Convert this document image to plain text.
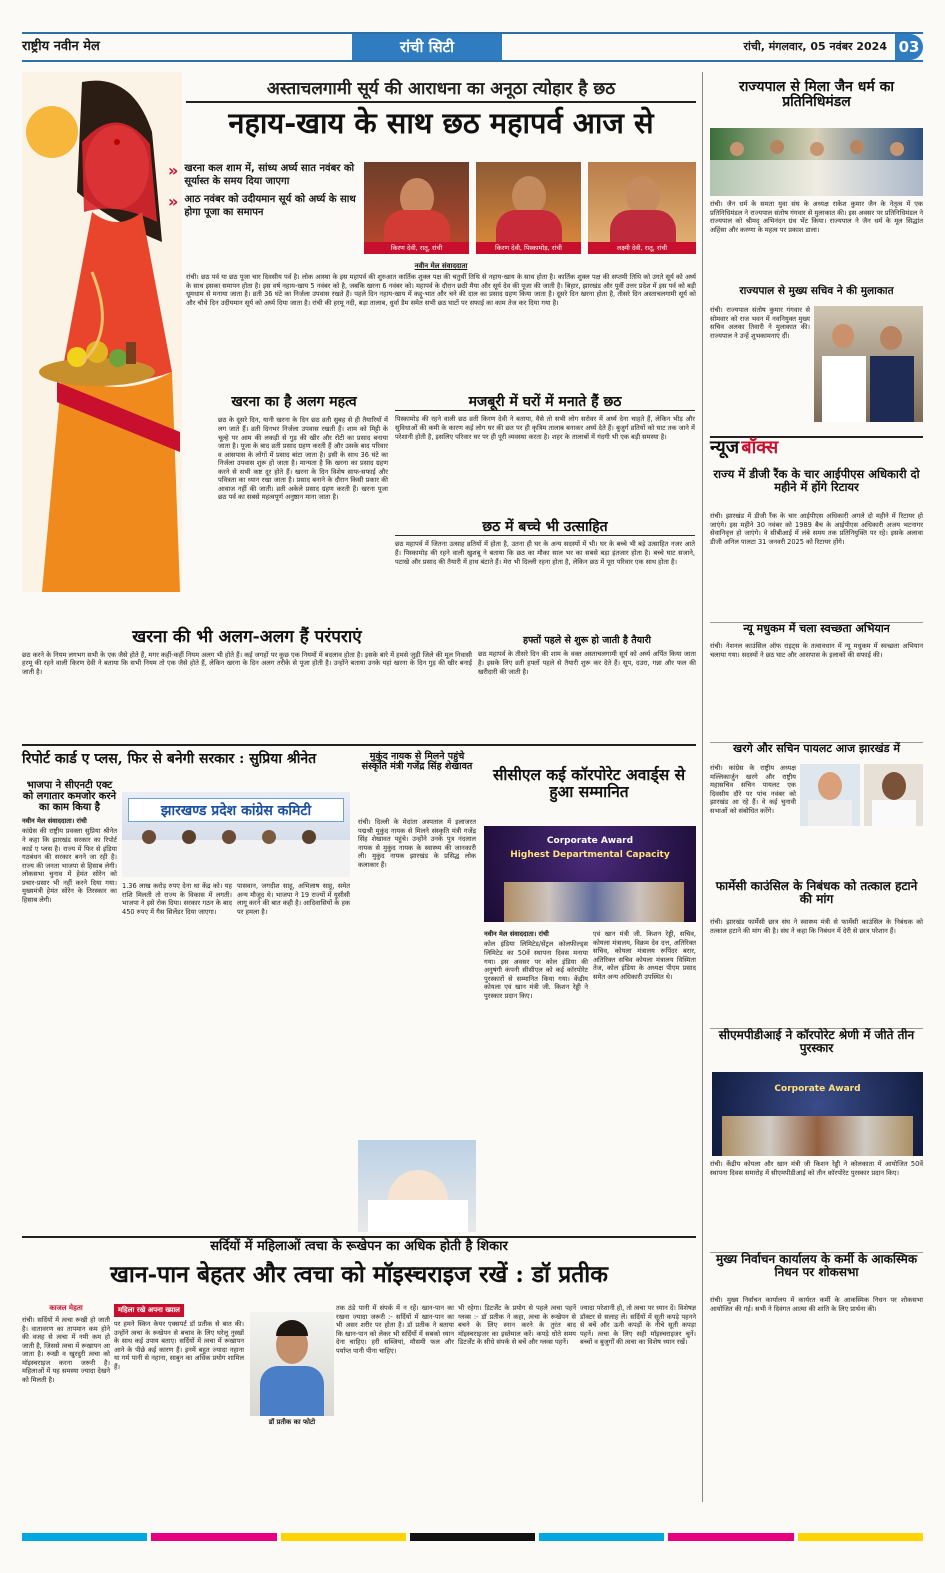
राष्ट्रीय नवीन मेल	रांची सिटी	रांची, मंगलवार, 05 नवंबर 2024 03
अस्ताचलगामी सूर्य की आराधना का अनूठा त्योहार है छठ
नहाय-खाय के साथ छठ महापर्व आज से
» खरना कल शाम में, सांध्य अर्घ्य सात नवंबर को सूर्यास्त के समय दिया जाएगा
» आठ नवंबर को उदीयमान सूर्य को अर्घ्य के साथ होगा पूजा का समापन
किरण देवी, रातू, रांची	किरण देवी, पिस्कामोड़, रांची	लक्ष्मी देवी, रातू, रांची
नवीन मेल संवाददाता
रांची। छठ पर्व या छठ पूजा चार दिवसीय पर्व है। लोक आस्था के इस महापर्व की शुरुआत कार्तिक शुक्ल पक्ष की चतुर्थी तिथि से नहाय-खाय के साथ होता है। कार्तिक शुक्ल पक्ष की सप्तमी तिथि को उगते सूर्य को अर्घ्य के साथ इसका समापन होता है। इस वर्ष नहाय-खाय 5 नवंबर को है, जबकि खरना 6 नवंबर को। महापर्व के दौरान छठी मैया और सूर्य देव की पूजा की जाती है। बिहार, झारखंड और पूर्वी उत्तर प्रदेश में इस पर्व को बड़ी धूमधाम से मनाया जाता है। व्रती 36 घंटे का निर्जला उपवास रखते हैं। पहले दिन नहाय-खाय में कद्दू-भात और चने की दाल का प्रसाद ग्रहण किया जाता है। दूसरे दिन खरना होता है, तीसरे दिन अस्ताचलगामी सूर्य को और चौथे दिन उदीयमान सूर्य को अर्घ्य दिया जाता है। रांची की हरमू नदी, बड़ा तालाब, धुर्वा डैम समेत सभी छठ घाटों पर सफाई का काम तेज कर दिया गया है।
खरना का है अलग महत्व
छठ के दूसरे दिन, यानी खरना के दिन छठ व्रती सुबह से ही तैयारियों में लग जाते हैं। व्रती दिनभर निर्जला उपवास रखती हैं। शाम को मिट्टी के चूल्हे पर आम की लकड़ी से गुड़ की खीर और रोटी का प्रसाद बनाया जाता है। पूजा के बाद व्रती प्रसाद ग्रहण करती हैं और उसके बाद परिवार व आसपास के लोगों में प्रसाद बांटा जाता है। इसी के साथ 36 घंटे का निर्जला उपवास शुरू हो जाता है। मान्यता है कि खरना का प्रसाद ग्रहण करने से सभी कष्ट दूर होते हैं। खरना के दिन विशेष साफ-सफाई और पवित्रता का ध्यान रखा जाता है। प्रसाद बनाने के दौरान किसी प्रकार की आवाज नहीं की जाती। व्रती अकेले प्रसाद ग्रहण करती हैं। खरना पूजा छठ पर्व का सबसे महत्वपूर्ण अनुष्ठान माना जाता है।
मजबूरी में घरों में मनाते हैं छठ
पिस्कामोड़ की रहने वाली छठ व्रती किरण देवी ने बताया, वैसे तो सभी लोग सरोवर में अर्घ्य देना चाहते हैं, लेकिन भीड़ और सुविधाओं की कमी के कारण कई लोग घर की छत पर ही कृत्रिम तालाब बनाकर अर्घ्य देते हैं। बुजुर्ग व्रतियों को घाट तक जाने में परेशानी होती है, इसलिए परिवार घर पर ही पूरी व्यवस्था करता है। शहर के तालाबों में गंदगी भी एक बड़ी समस्या है।
छठ में बच्चे भी उत्साहित
छठ महापर्व में जितना उत्साह व्रतियों में होता है, उतना ही घर के अन्य सदस्यों में भी। घर के बच्चे भी बड़े उत्साहित नजर आते हैं। पिस्कामोड़ की रहने वाली खुशबू ने बताया कि छठ का मौका साल भर का सबसे बड़ा इंतजार होता है। बच्चे घाट सजाने, पटाखे और प्रसाद की तैयारी में हाथ बंटाते हैं। मेरा भी दिल्ली रहना होता है, लेकिन छठ में पूरा परिवार एक साथ होता है।
खरना की भी अलग-अलग हैं परंपराएं
छठ करने के नियम लगभग सभी के एक जैसे होते हैं, मगर कहीं-कहीं नियम अलग भी होते हैं। कई जगहों पर कुछ एक नियमों में बदलाव होता है। इसके बारे में हमसे जुड़ी जिले की मूल निवासी हरमू की रहने वाली किरण देवी ने बताया कि सभी नियम तो एक जैसे होते हैं, लेकिन खरना के दिन अलग तरीके से पूजा होती है। उन्होंने बताया उनके यहां खरना के दिन गुड़ की खीर बनाई जाती है।
हफ्तों पहले से शुरू हो जाती है तैयारी
छठ महापर्व के तीसरे दिन की शाम के वक्त अस्ताचलगामी सूर्य को अर्घ्य अर्पित किया जाता है। इसके लिए व्रती हफ्तों पहले से तैयारी शुरू कर देते हैं। सूप, दउरा, गन्ना और फल की खरीदारी की जाती है।
रिपोर्ट कार्ड ए प्लस, फिर से बनेगी सरकार : सुप्रिया श्रीनेत
भाजपा ने सीएनटी एक्ट को लगातार कमजोर करने का काम किया है
नवीन मेल संवाददाता। रांची
कांग्रेस की राष्ट्रीय प्रवक्ता सुप्रिया श्रीनेत ने कहा कि झारखंड सरकार का रिपोर्ट कार्ड ए प्लस है। राज्य में फिर से इंडिया गठबंधन की सरकार बनने जा रही है। राज्य की जनता भाजपा से हिसाब लेगी। लोकसभा चुनाव में हेमंत सोरेन को प्रचार-प्रसार भी नहीं करने दिया गया। मुख्यमंत्री हेमंत सोरेन के तिरस्कार का हिसाब लेगी।
झारखण्ड प्रदेश कांग्रेस कमिटी
1.36 लाख करोड़ रुपए देना था केंद्र को। यह राशि मिलती तो राज्य के विकास में लगती। भाजपा ने इसे रोक दिया। सरकार गठन के बाद 450 रुपए में गैस सिलेंडर दिया जाएगा।
पासवान, जगदीश साहू, अभिलाष साहू, समेत अन्य मौजूद थे। भाजपा ने 19 राज्यों में यूसीसी लागू करने की बात कही है। आदिवासियों के हक पर हमला है।
मुकुंद नायक से मिलने पहुंचे संस्कृति मंत्री गजेंद्र सिंह शेखावत
रांची। दिल्ली के मेदांता अस्पताल में इलाजरत पद्मश्री मुकुंद नायक से मिलने संस्कृति मंत्री गजेंद्र सिंह शेखावत पहुंचे। उन्होंने उनके पुत्र नंदलाल नायक से मुकुंद नायक के स्वास्थ्य की जानकारी ली। मुकुंद नायक झारखंड के प्रसिद्ध लोक कलाकार हैं।
सीसीएल कई कॉरपोरेट अवार्ड्स से हुआ सम्मानित
Corporate Award
Highest Departmental Capacity
नवीन मेल संवाददाता। रांची
कोल इंडिया लिमिटेड/सेंट्रल कोलफील्ड्स लिमिटेड का 50वें स्थापना दिवस मनाया गया। इस अवसर पर कोल इंडिया की अनुषंगी कंपनी सीसीएल को कई कॉरपोरेट पुरस्कारों से सम्मानित किया गया। केंद्रीय कोयला एवं खान मंत्री जी. किशन रेड्डी ने पुरस्कार प्रदान किए।
एवं खान मंत्री जी. किशन रेड्डी, सचिव, कोयला मंत्रालय, विक्रम देव दत्त, अतिरिक्त सचिव, कोयला मंत्रालय रूपिंदर बरार, अतिरिक्त सचिव कोयला मंत्रालय विस्मिता तेज, कोल इंडिया के अध्यक्ष पीएम प्रसाद समेत अन्य अधिकारी उपस्थित थे।
राज्यपाल से मिला जैन धर्म का प्रतिनिधिमंडल
रांची। जैन धर्म के समता युवा संघ के अध्यक्ष राकेश कुमार जैन के नेतृत्व में एक प्रतिनिधिमंडल ने राज्यपाल संतोष गंगवार से मुलाकात की। इस अवसर पर प्रतिनिधिमंडल ने राज्यपाल को श्रीमद् अभिनंदन ग्रंथ भेंट किया। राज्यपाल ने जैन धर्म के मूल सिद्धांत अहिंसा और करुणा के महत्व पर प्रकाश डाला।
राज्यपाल से मुख्य सचिव ने की मुलाकात
रांची। राज्यपाल संतोष कुमार गंगवार से सोमवार को राज भवन में नवनियुक्त मुख्य सचिव अलका तिवारी ने मुलाकात की। राज्यपाल ने उन्हें शुभकामनाएं दीं।
न्यूज बॉक्स
राज्य में डीजी रैंक के चार आईपीएस अधिकारी दो महीने में होंगे रिटायर
रांची। झारखंड में डीजी रैंक के चार आईपीएस अधिकारी अगले दो महीने में रिटायर हो जाएंगे। इस महीने 30 नवंबर को 1989 बैच के आईपीएस अधिकारी अजय भटनागर सेवानिवृत्त हो जाएंगे। वे सीबीआई में लंबे समय तक प्रतिनियुक्ति पर रहे। इसके अलावा डीजी अनिल पालटा 31 जनवरी 2025 को रिटायर होंगे।
न्यू मधुकम में चला स्वच्छता अभियान
रांची। नेशनल काउंसिल ऑफ राइट्स के तत्वावधान में न्यू मधुकम में स्वच्छता अभियान चलाया गया। सदस्यों ने छठ घाट और आसपास के इलाकों की सफाई की।
खरगे और सचिन पायलट आज झारखंड में
रांची। कांग्रेस के राष्ट्रीय अध्यक्ष मल्लिकार्जुन खरगे और राष्ट्रीय महासचिव सचिन पायलट एक दिवसीय दौरे पर पांच नवंबर को झारखंड आ रहे हैं। वे कई चुनावी सभाओं को संबोधित करेंगे।
फार्मेसी काउंसिल के निबंधक को तत्काल हटाने की मांग
रांची। झारखंड फार्मेसी छात्र संघ ने स्वास्थ्य मंत्री से फार्मेसी काउंसिल के निबंधक को तत्काल हटाने की मांग की है। संघ ने कहा कि निबंधन में देरी से छात्र परेशान हैं।
सीएमपीडीआई ने कॉरपोरेट श्रेणी में जीते तीन पुरस्कार
Corporate Award
रांची। केंद्रीय कोयला और खान मंत्री जी किशन रेड्डी ने कोलकाता में आयोजित 50वें स्थापना दिवस समारोह में सीएमपीडीआई को तीन कॉरपोरेट पुरस्कार प्रदान किए।
मुख्य निर्वाचन कार्यालय के कर्मी के आकस्मिक निधन पर शोकसभा
रांची। मुख्य निर्वाचन कार्यालय में कार्यरत कर्मी के आकस्मिक निधन पर शोकसभा आयोजित की गई। सभी ने दिवंगत आत्मा की शांति के लिए प्रार्थना की।
सर्दियों में महिलाओं त्वचा के रूखेपन का अधिक होती है शिकार
खान-पान बेहतर और त्वचा को मॉइस्चराइज रखें : डॉ प्रतीक
काजल मेहता
रांची। सर्दियों में त्वचा रूखी हो जाती है। वातावरण का तापमान कम होने की वजह से त्वचा में नमी कम हो जाती है, जिससे त्वचा में रूखापन आ जाता है। रूखी व खुरदुरी त्वचा को मॉइस्चराइज करना जरूरी है। महिलाओं में यह समस्या ज्यादा देखने को मिलती है।
महिला रखे अपना ख्याल
पर हमने स्किन केयर एक्सपर्ट डॉ प्रतीक से बात की। उन्होंने त्वचा के रूखेपन से बचाव के लिए घरेलू नुस्खों के साथ कई उपाय बताए। सर्दियों में त्वचा में रूखापन आने के पीछे कई कारण हैं। इनमें बहुत ज्यादा नहाना या गर्म पानी से नहाना, साबुन का अधिक प्रयोग शामिल हैं।
डॉ प्रतीक का फोटो
तक ठंडे पानी में संपर्क में न रहें। खान-पान का रखना ज्यादा जरूरी :- सर्दियों में खान-पान का भी असर शरीर पर होता है। डॉ प्रतीक ने बताया कि खान-पान को लेकर भी सर्दियों में सबको ध्यान देना चाहिए। हरी सब्जियां, मौसमी फल और पर्याप्त पानी पीना चाहिए।
भी रहेगा। डिटर्जेंट के प्रयोग से पहले त्वचा पहनें ग्लव्स :- डॉ प्रतीक ने कहा, त्वचा के रूखेपन से बचने के लिए स्नान करने के तुरंत बाद मॉइस्चराइजर का इस्तेमाल करें। कपड़े धोते समय डिटर्जेंट के सीधे संपर्क से बचें और ग्लव्स पहनें।
ज्यादा परेशानी हो, तो त्वचा पर ध्यान दें। विशेषज्ञ डॉक्टर से सलाह लें। सर्दियों में सूती कपड़े पहनने से बचें और ऊनी कपड़ों के नीचे सूती कपड़ा पहनें। त्वचा के लिए सही मॉइस्चराइजर चुनें। बच्चों व बुजुर्गों की त्वचा का विशेष ध्यान रखें।
